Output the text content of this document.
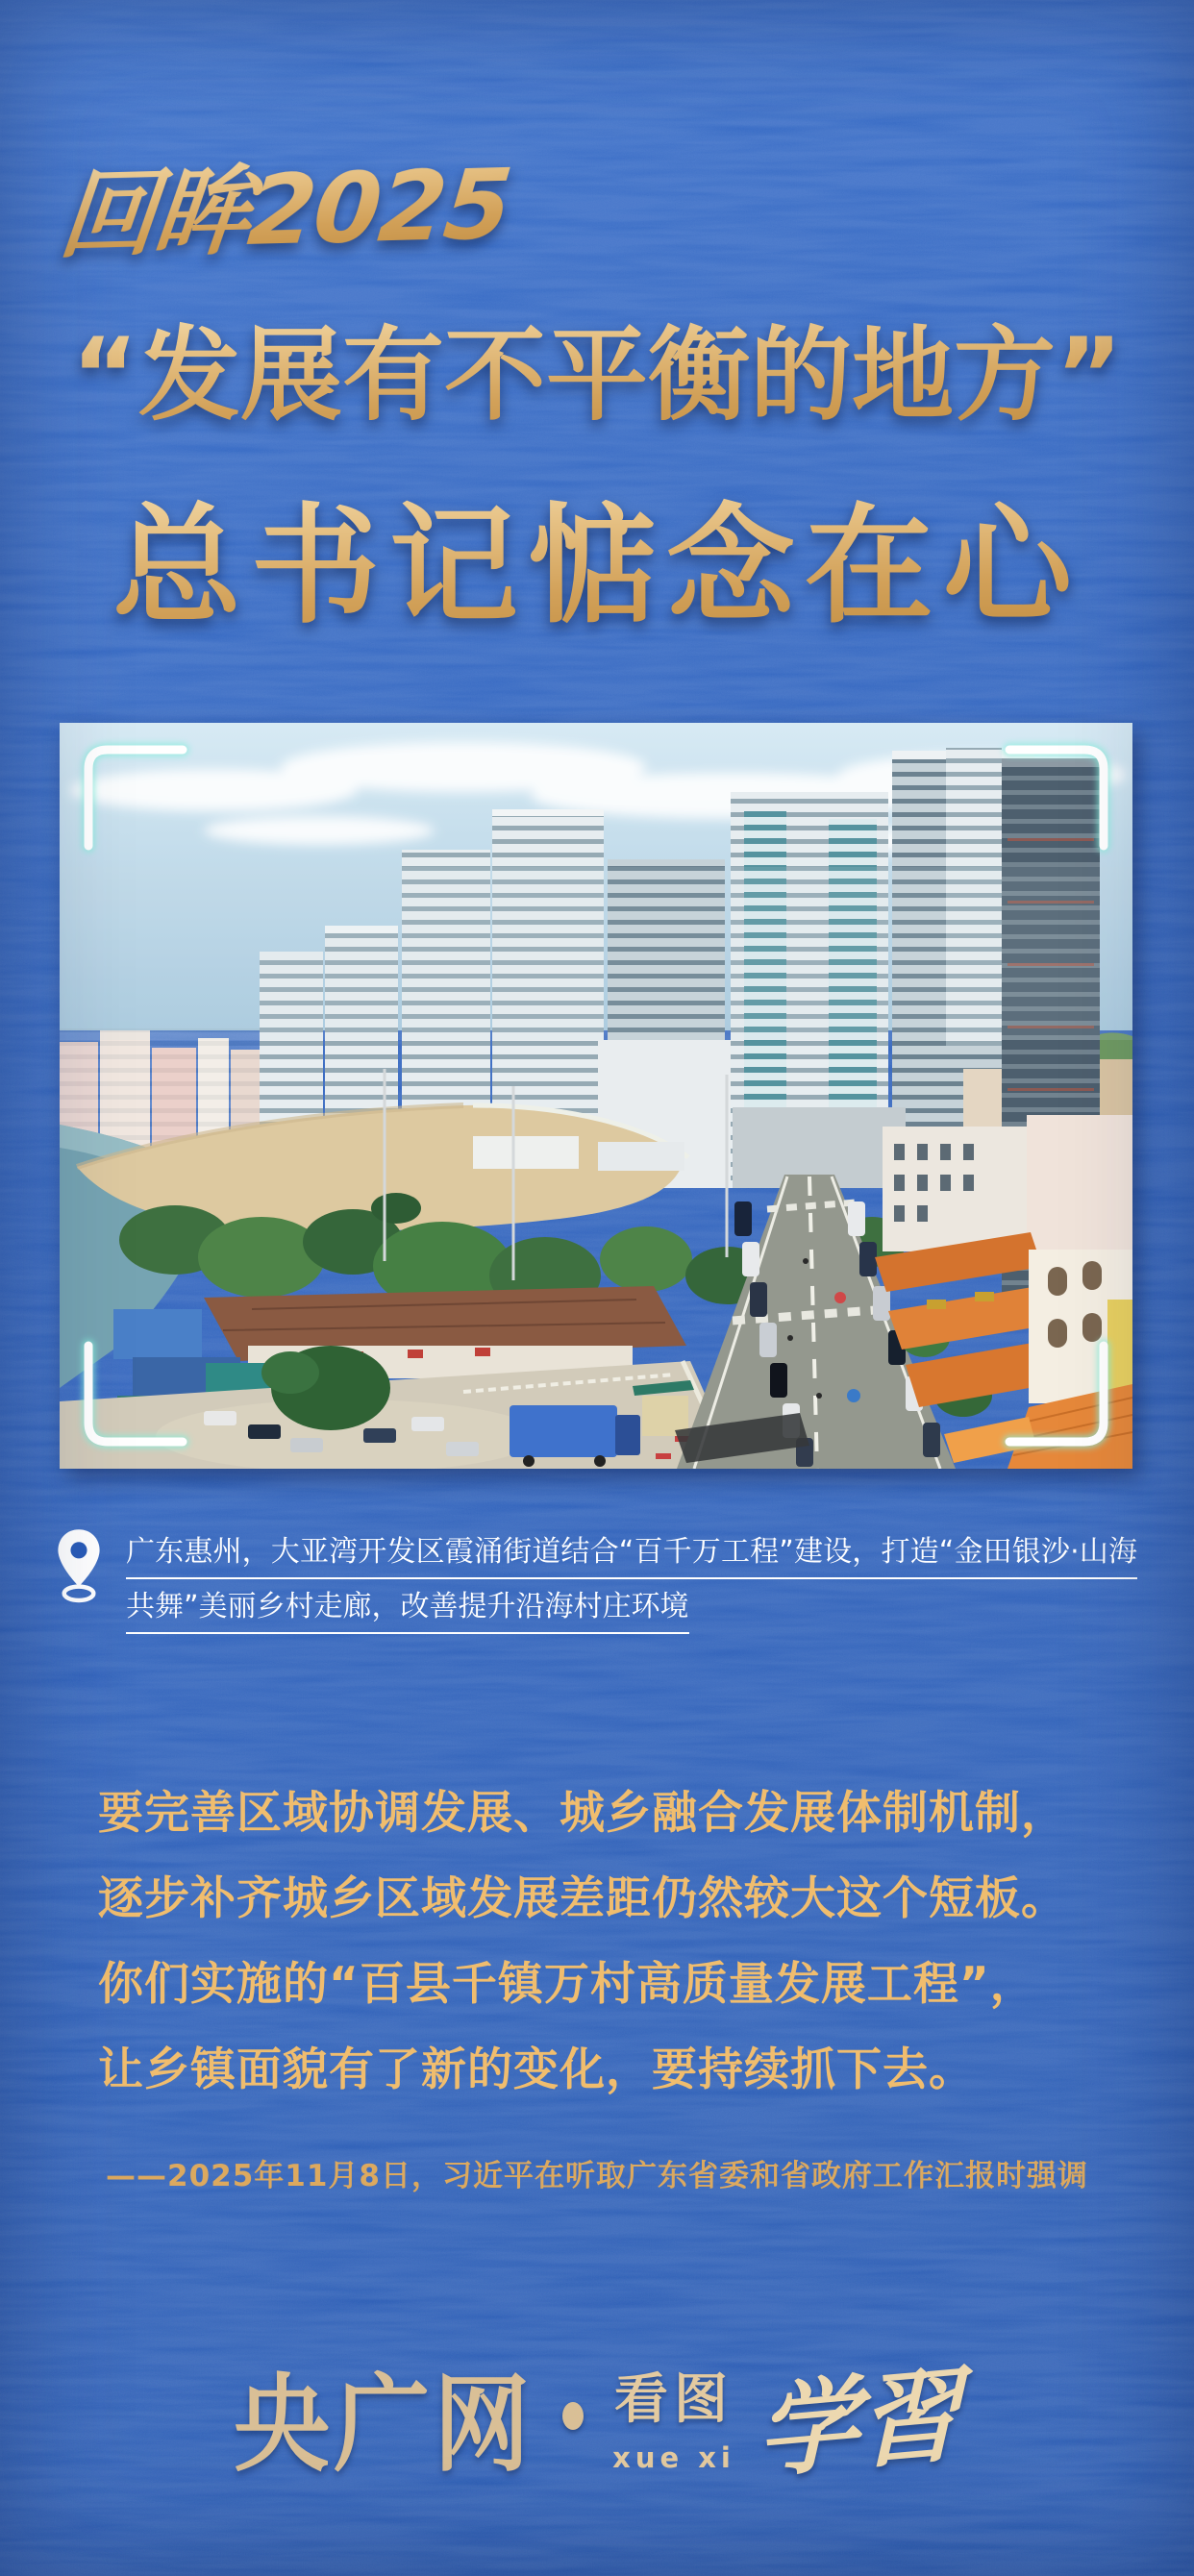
回眸2025
“发展有不平衡的地方”
总书记惦念在心
广东惠州，大亚湾开发区霞涌街道结合“百千万工程”建设，打造“金田银沙·山海共舞”美丽乡村走廊，改善提升沿海村庄环境
要完善区域协调发展、城乡融合发展体制机制，
逐步补齐城乡区域发展差距仍然较大这个短板。
你们实施的“百县千镇万村高质量发展工程”，
让乡镇面貌有了新的变化，要持续抓下去。
——2025年11月8日，习近平在听取广东省委和省政府工作汇报时强调
央广网 看图
xue xi 学習
